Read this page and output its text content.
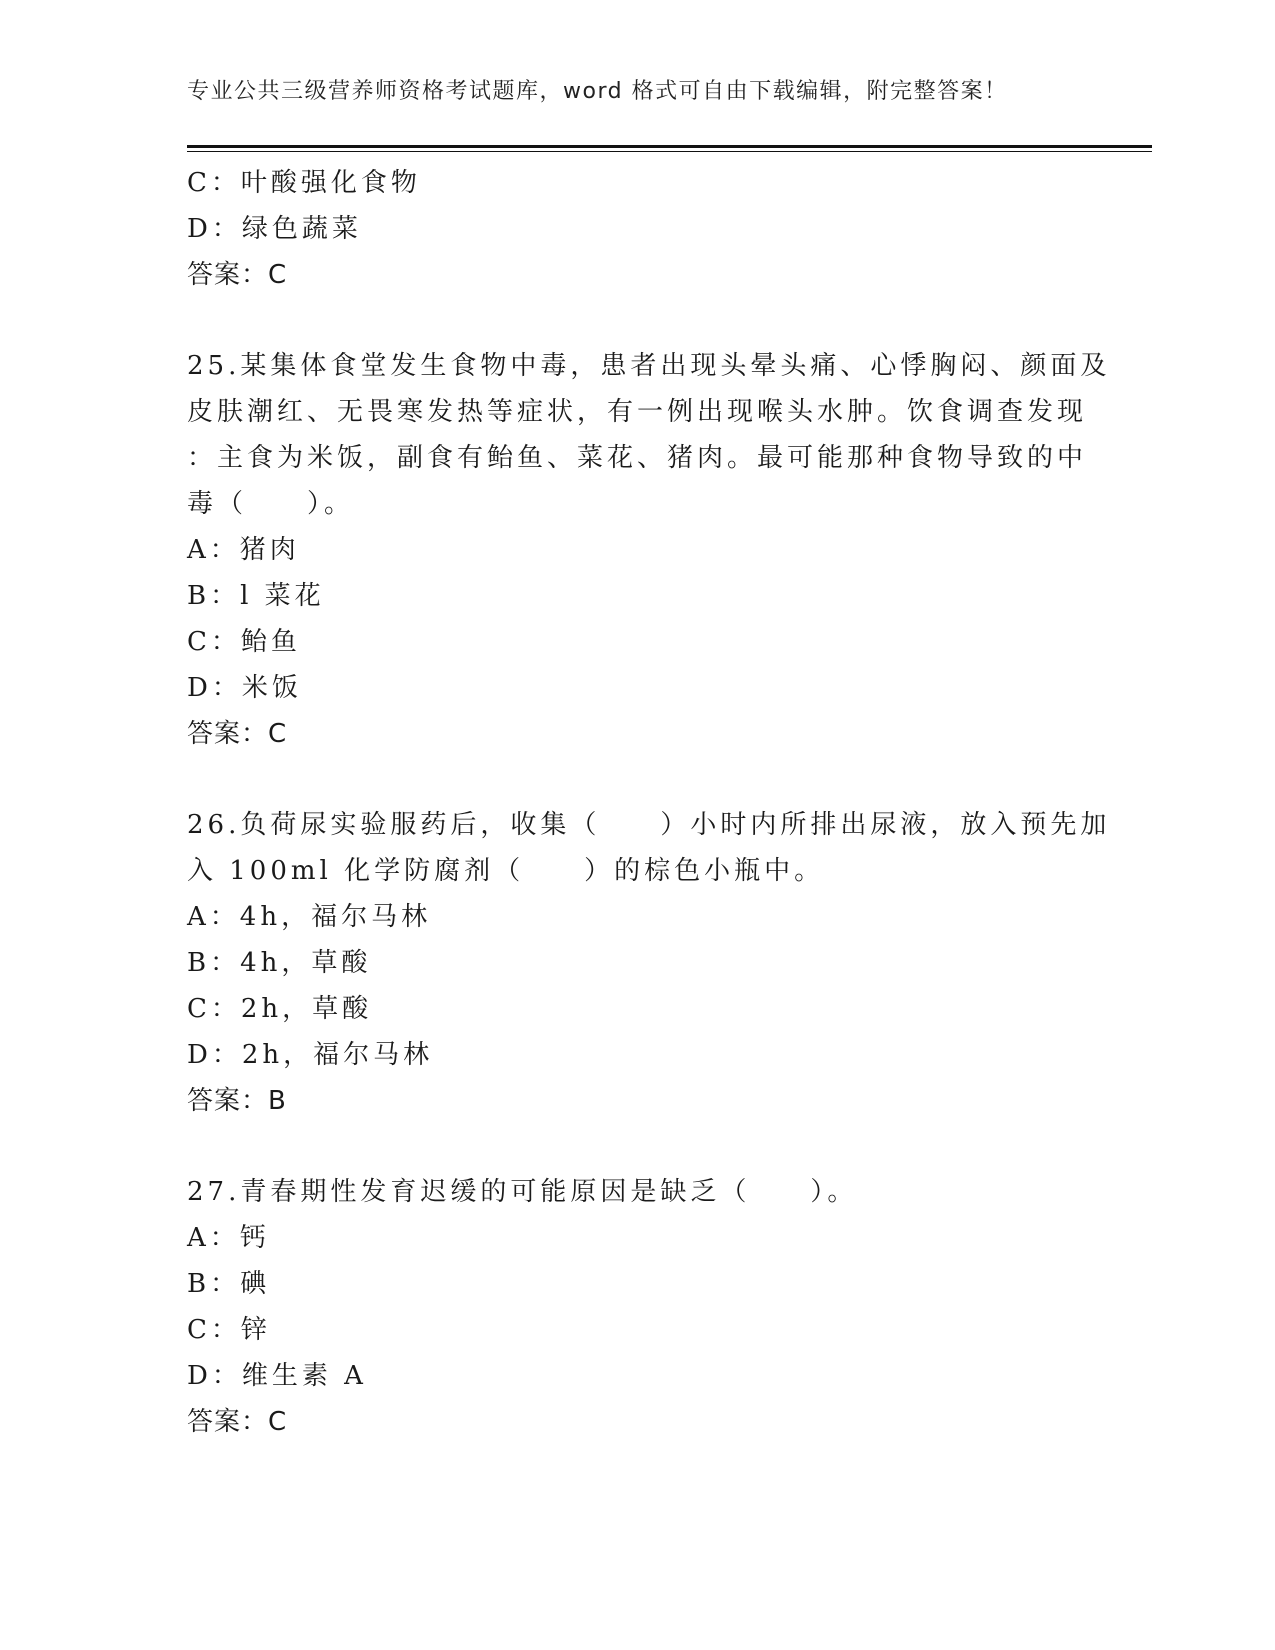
专业公共三级营养师资格考试题库，word 格式可自由下载编辑，附完整答案！
C：叶酸强化食物
D：绿色蔬菜
答案：C
25.某集体食堂发生食物中毒，患者出现头晕头痛、心悸胸闷、颜面及
皮肤潮红、无畏寒发热等症状，有一例出现喉头水肿。饮食调查发现
：主食为米饭，副食有鲐鱼、菜花、猪肉。最可能那种食物导致的中
毒（　　）。
A：猪肉
B：l 菜花
C：鲐鱼
D：米饭
答案：C
26.负荷尿实验服药后，收集（　　）小时内所排出尿液，放入预先加
入 100ml 化学防腐剂（　　）的棕色小瓶中。
A：4h，福尔马林
B：4h，草酸
C：2h，草酸
D：2h，福尔马林
答案：B
27.青春期性发育迟缓的可能原因是缺乏（　　）。
A：钙
B：碘
C：锌
D：维生素 A
答案：C
